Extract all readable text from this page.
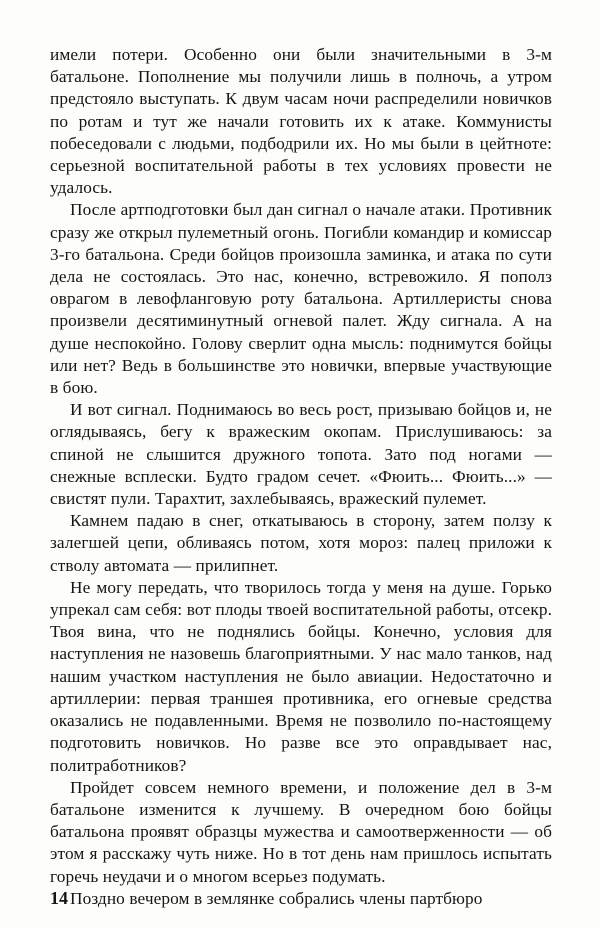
имели потери. Особенно они были значительными в 3-м батальоне. Пополнение мы получили лишь в полночь, а утром предстояло выступать. К двум часам ночи распределили новичков по ротам и тут же начали готовить их к атаке. Коммунисты побеседовали с людьми, подбодрили их. Но мы были в цейтноте: серьезной воспитательной работы в тех условиях провести не удалось.

После артподготовки был дан сигнал о начале атаки. Противник сразу же открыл пулеметный огонь. Погибли командир и комиссар 3-го батальона. Среди бойцов произошла заминка, и атака по сути дела не состоялась. Это нас, конечно, встревожило. Я пополз оврагом в левофланговую роту батальона. Артиллеристы снова произвели десятиминутный огневой палет. Жду сигнала. А на душе неспокойно. Голову сверлит одна мысль: поднимутся бойцы или нет? Ведь в большинстве это новички, впервые участвующие в бою.

И вот сигнал. Поднимаюсь во весь рост, призываю бойцов и, не оглядываясь, бегу к вражеским окопам. Прислушиваюсь: за спиной не слышится дружного топота. Зато под ногами — снежные всплески. Будто градом сечет. «Фюить... Фюить...» — свистят пули. Тарахтит, захлебываясь, вражеский пулемет.

Камнем падаю в снег, откатываюсь в сторону, затем ползу к залегшей цепи, обливаясь потом, хотя мороз: палец приложи к стволу автомата — прилипнет.

Не могу передать, что творилось тогда у меня на душе. Горько упрекал сам себя: вот плоды твоей воспитательной работы, отсекр. Твоя вина, что не поднялись бойцы. Конечно, условия для наступления не назовешь благоприятными. У нас мало танков, над нашим участком наступления не было авиации. Недостаточно и артиллерии: первая траншея противника, его огневые средства оказались не подавленными. Время не позволило по-настоящему подготовить новичков. Но разве все это оправдывает нас, политработников?

Пройдет совсем немного времени, и положение дел в 3-м батальоне изменится к лучшему. В очередном бою бойцы батальона проявят образцы мужества и самоотверженности — об этом я расскажу чуть ниже. Но в тот день нам пришлось испытать горечь неудачи и о многом всерьез подумать.

Поздно вечером в землянке собрались члены партбюро

14
